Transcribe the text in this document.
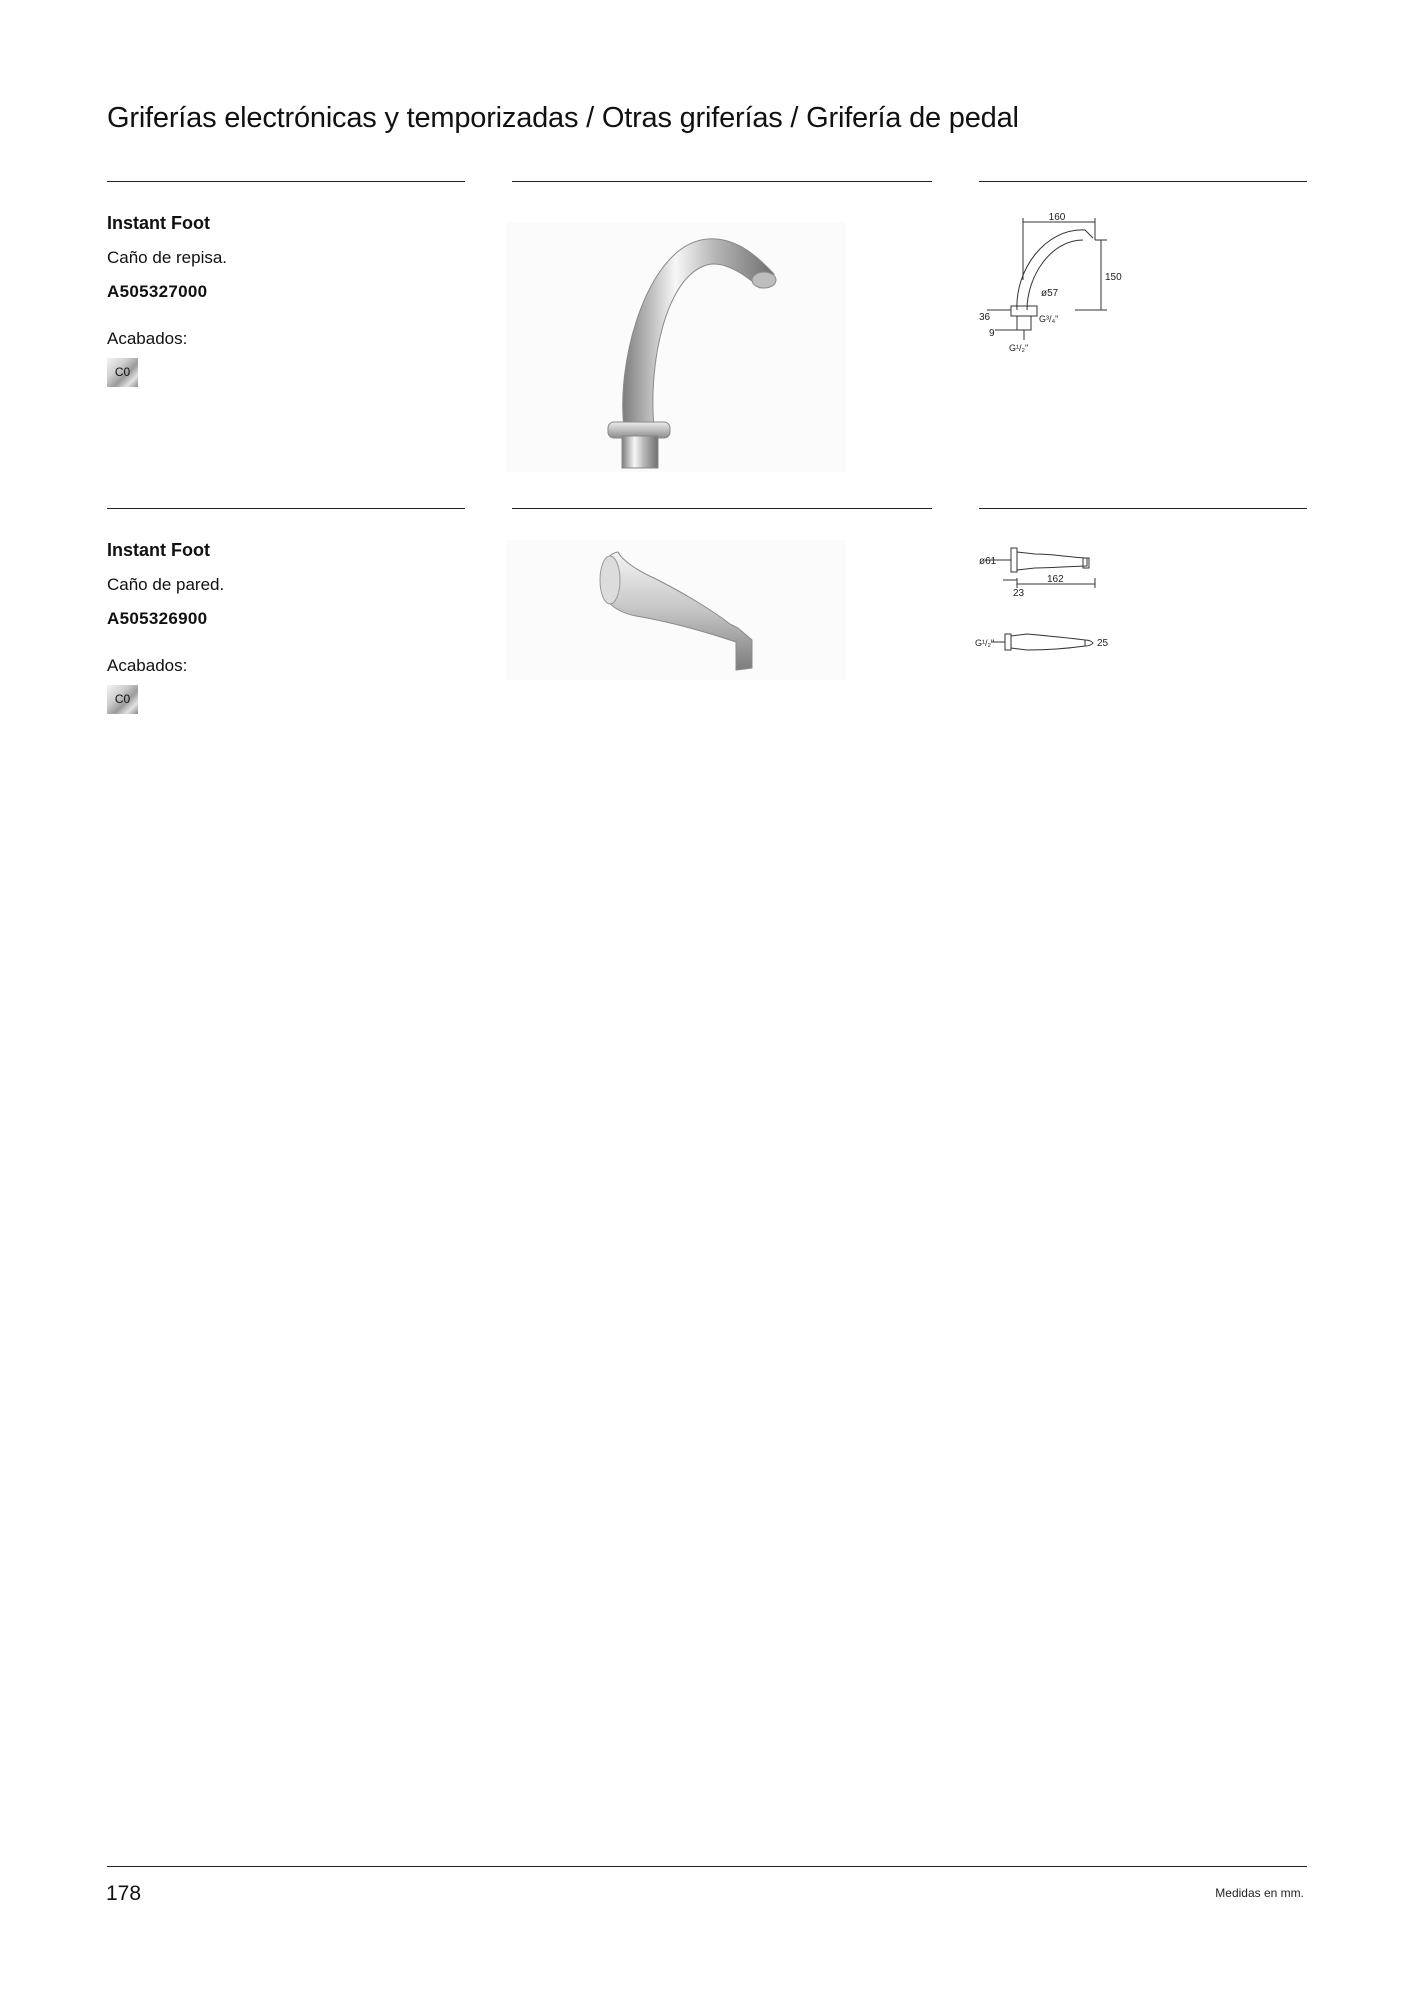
Griferías electrónicas y temporizadas / Otras griferías / Grifería de pedal
Instant Foot
Caño de repisa.
A505327000
Acabados:
C0
160
150
ø57
36
9
G³/₄"
G¹/₂"
Instant Foot
Caño de pared.
A505326900
Acabados:
C0
ø61
23
162
G¹/₂"	25
178	Medidas en mm.
